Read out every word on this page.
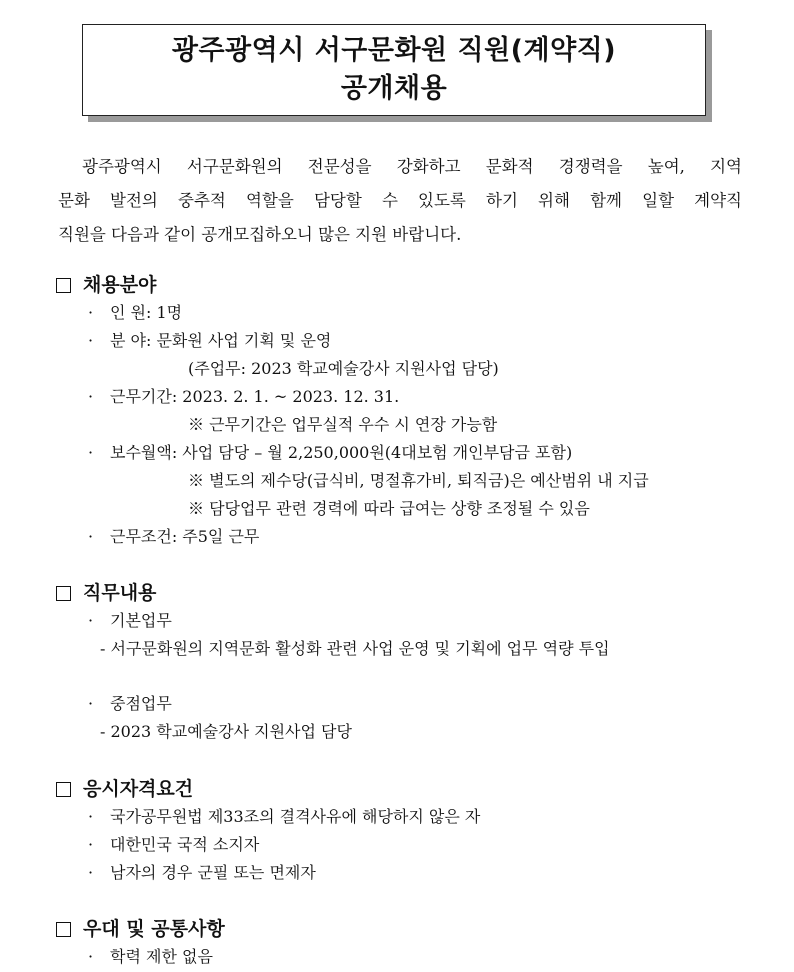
광주광역시 서구문화원 직원(계약직)
공개채용
광주광역시 서구문화원의 전문성을 강화하고 문화적 경쟁력을 높여, 지역
문화 발전의 중추적 역할을 담당할 수 있도록 하기 위해 함께 일할 계약직
직원을 다음과 같이 공개모집하오니 많은 지원 바랍니다.
채용분야
· 인 원: 1명
· 분 야: 문화원 사업 기획 및 운영
(주업무: 2023 학교예술강사 지원사업 담당)
· 근무기간: 2023. 2. 1. ~ 2023. 12. 31.
※ 근무기간은 업무실적 우수 시 연장 가능함
· 보수월액: 사업 담당 – 월 2,250,000원(4대보험 개인부담금 포함)
※ 별도의 제수당(급식비, 명절휴가비, 퇴직금)은 예산범위 내 지급
※ 담당업무 관련 경력에 따라 급여는 상향 조정될 수 있음
· 근무조건: 주5일 근무
직무내용
· 기본업무
- 서구문화원의 지역문화 활성화 관련 사업 운영 및 기획에 업무 역량 투입
· 중점업무
- 2023 학교예술강사 지원사업 담당
응시자격요건
· 국가공무원법 제33조의 결격사유에 해당하지 않은 자
· 대한민국 국적 소지자
· 남자의 경우 군필 또는 면제자
우대 및 공통사항
· 학력 제한 없음
